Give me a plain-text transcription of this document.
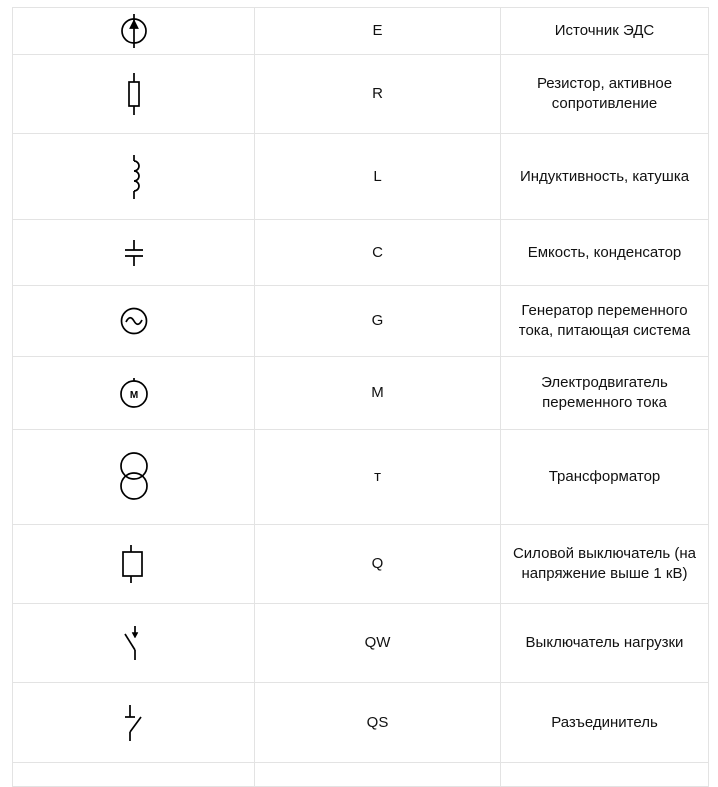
	E	Источник ЭДС

	R	Резистор, активное сопротивление

	L	Индуктивность, катушка

	C	Емкость, конденсатор

	G	Генератор переменного тока, питающая система

M	M	Электродвигатель переменного тока

	т	Трансформатор

	Q	Силовой выключатель (на напряжение выше 1 кВ)

	QW	Выключатель нагрузки

	QS	Разъединитель
